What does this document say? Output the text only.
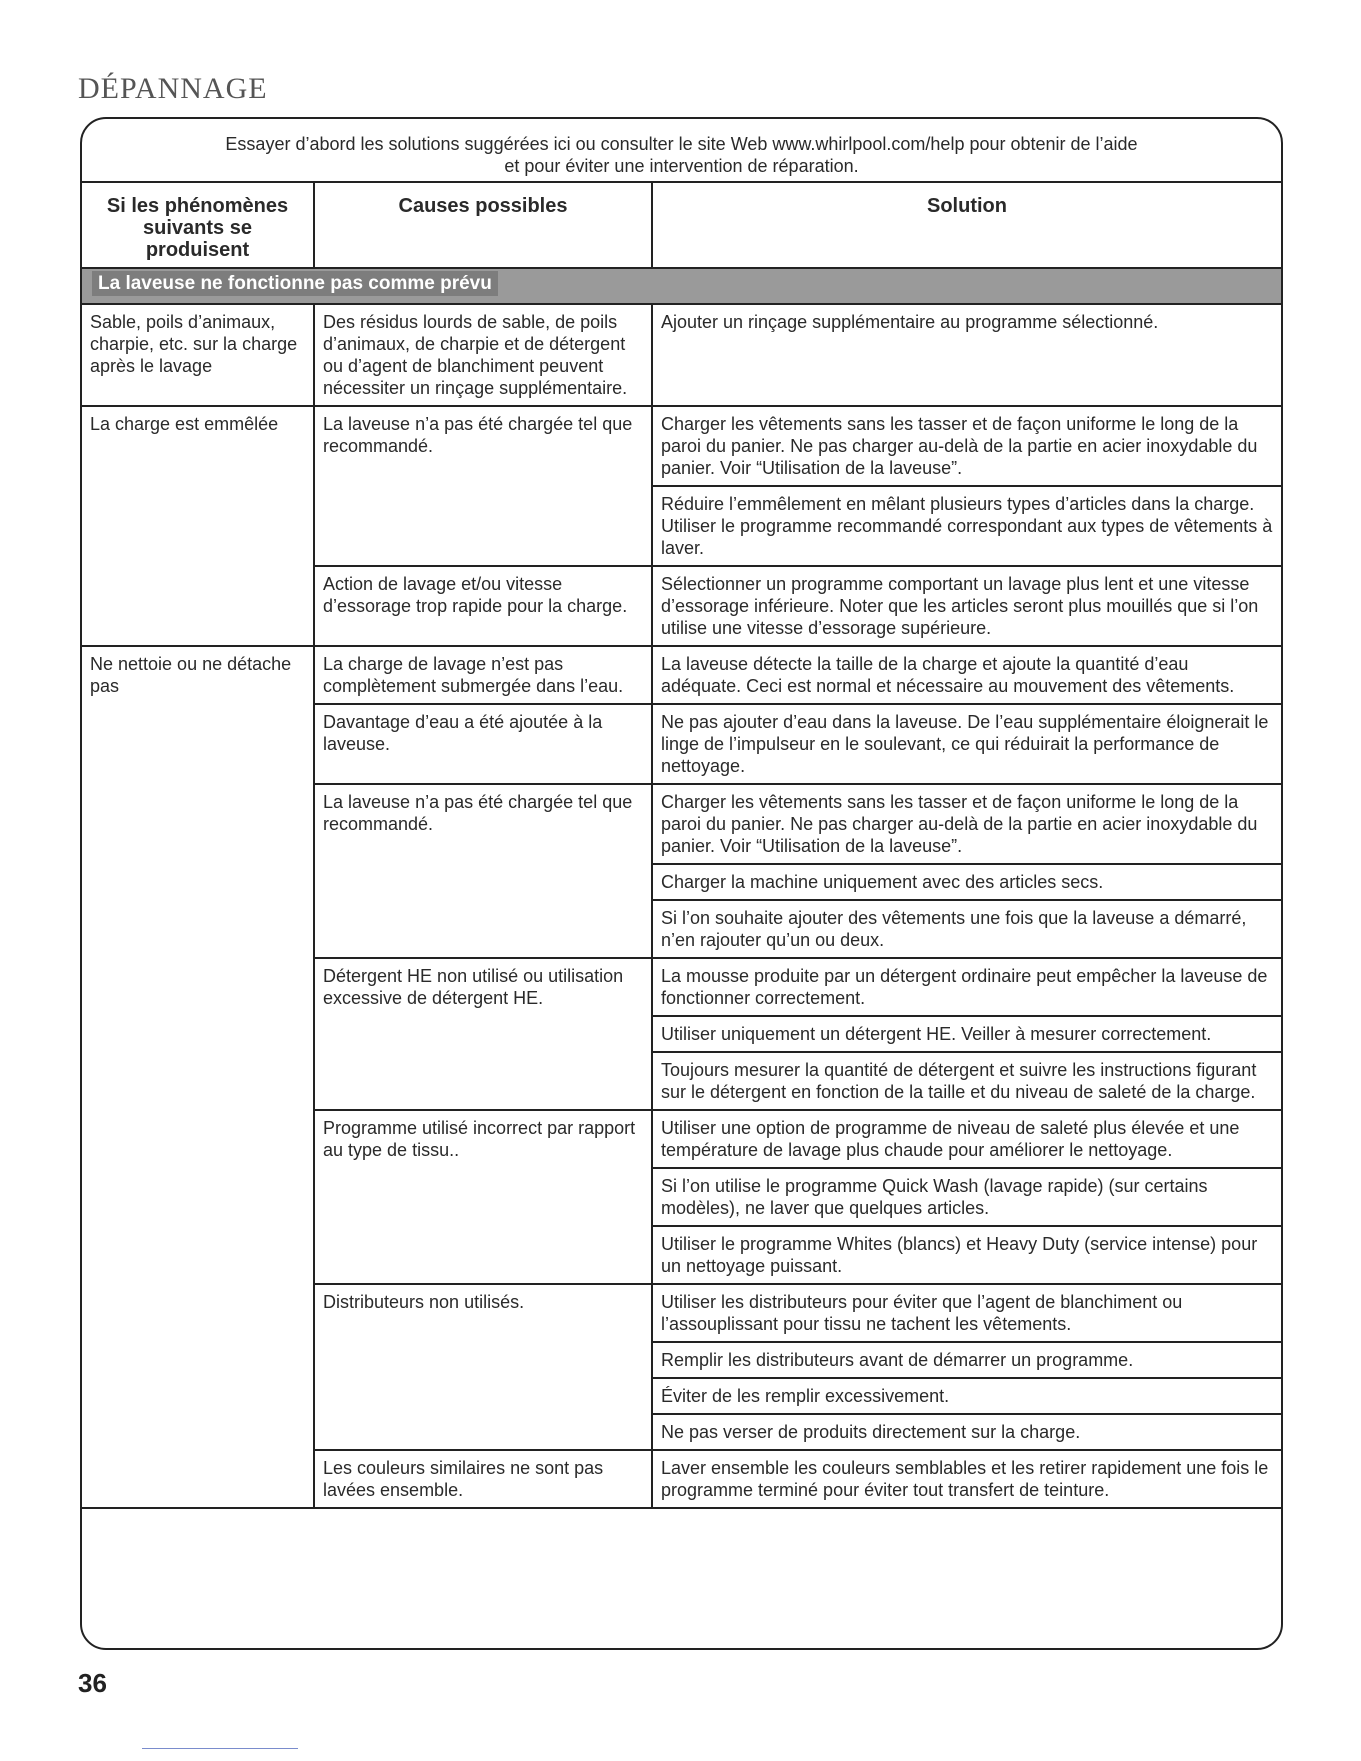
DÉPANNAGE
Essayer d’abord les solutions suggérées ici ou consulter le site Web www.whirlpool.com/help pour obtenir de l’aide
et pour éviter une intervention de réparation.
Si les phénomènes suivants se produisent	Causes possibles	Solution
La laveuse ne fonctionne pas comme prévu		
Sable, poils d’animaux, charpie, etc. sur la charge après le lavage	Des résidus lourds de sable, de poils d’animaux, de charpie et de détergent ou d’agent de blanchiment peuvent nécessiter un rinçage supplémentaire.	Ajouter un rinçage supplémentaire au programme sélectionné.

La charge est emmêlée	La laveuse n’a pas été chargée tel que recommandé.	Charger les vêtements sans les tasser et de façon uniforme le long de la paroi du panier. Ne pas charger au-delà de la partie en acier inoxydable du panier. Voir “Utilisation de la laveuse”.
Réduire l’emmêlement en mêlant plusieurs types d’articles dans la charge. Utiliser le programme recommandé correspondant aux types de vêtements à laver.

	Action de lavage et/ou vitesse d’essorage trop rapide pour la charge.	Sélectionner un programme comportant un lavage plus lent et une vitesse d’essorage inférieure. Noter que les articles seront plus mouillés que si l’on utilise une vitesse d’essorage supérieure.

Ne nettoie ou ne détache pas	La charge de lavage n’est pas complètement submergée dans l’eau.	La laveuse détecte la taille de la charge et ajoute la quantité d’eau adéquate. Ceci est normal et nécessaire au mouvement des vêtements.

	Davantage d’eau a été ajoutée à la laveuse.	Ne pas ajouter d’eau dans la laveuse. De l’eau supplémentaire éloignerait le linge de l’impulseur en le soulevant, ce qui réduirait la performance de nettoyage.

	La laveuse n’a pas été chargée tel que recommandé.	Charger les vêtements sans les tasser et de façon uniforme le long de la paroi du panier. Ne pas charger au-delà de la partie en acier inoxydable du panier. Voir “Utilisation de la laveuse”.
Charger la machine uniquement avec des articles secs.
Si l’on souhaite ajouter des vêtements une fois que la laveuse a démarré, n’en rajouter qu’un ou deux.

	Détergent HE non utilisé ou utilisation excessive de détergent HE.	La mousse produite par un détergent ordinaire peut empêcher la laveuse de fonctionner correctement.
Utiliser uniquement un détergent HE. Veiller à mesurer correctement.
Toujours mesurer la quantité de détergent et suivre les instructions figurant sur le détergent en fonction de la taille et du niveau de saleté de la charge.

	Programme utilisé incorrect par rapport au type de tissu..	Utiliser une option de programme de niveau de saleté plus élevée et une température de lavage plus chaude pour améliorer le nettoyage.
Si l’on utilise le programme Quick Wash (lavage rapide) (sur certains modèles), ne laver que quelques articles.
Utiliser le programme Whites (blancs) et Heavy Duty (service intense) pour un nettoyage puissant.

	Distributeurs non utilisés.	Utiliser les distributeurs pour éviter que l’agent de blanchiment ou l’assouplissant pour tissu ne tachent les vêtements.
Remplir les distributeurs avant de démarrer un programme.
Éviter de les remplir excessivement.
Ne pas verser de produits directement sur la charge.

	Les couleurs similaires ne sont pas lavées ensemble.	Laver ensemble les couleurs semblables et les retirer rapidement une fois le programme terminé pour éviter tout transfert de teinture.
36
